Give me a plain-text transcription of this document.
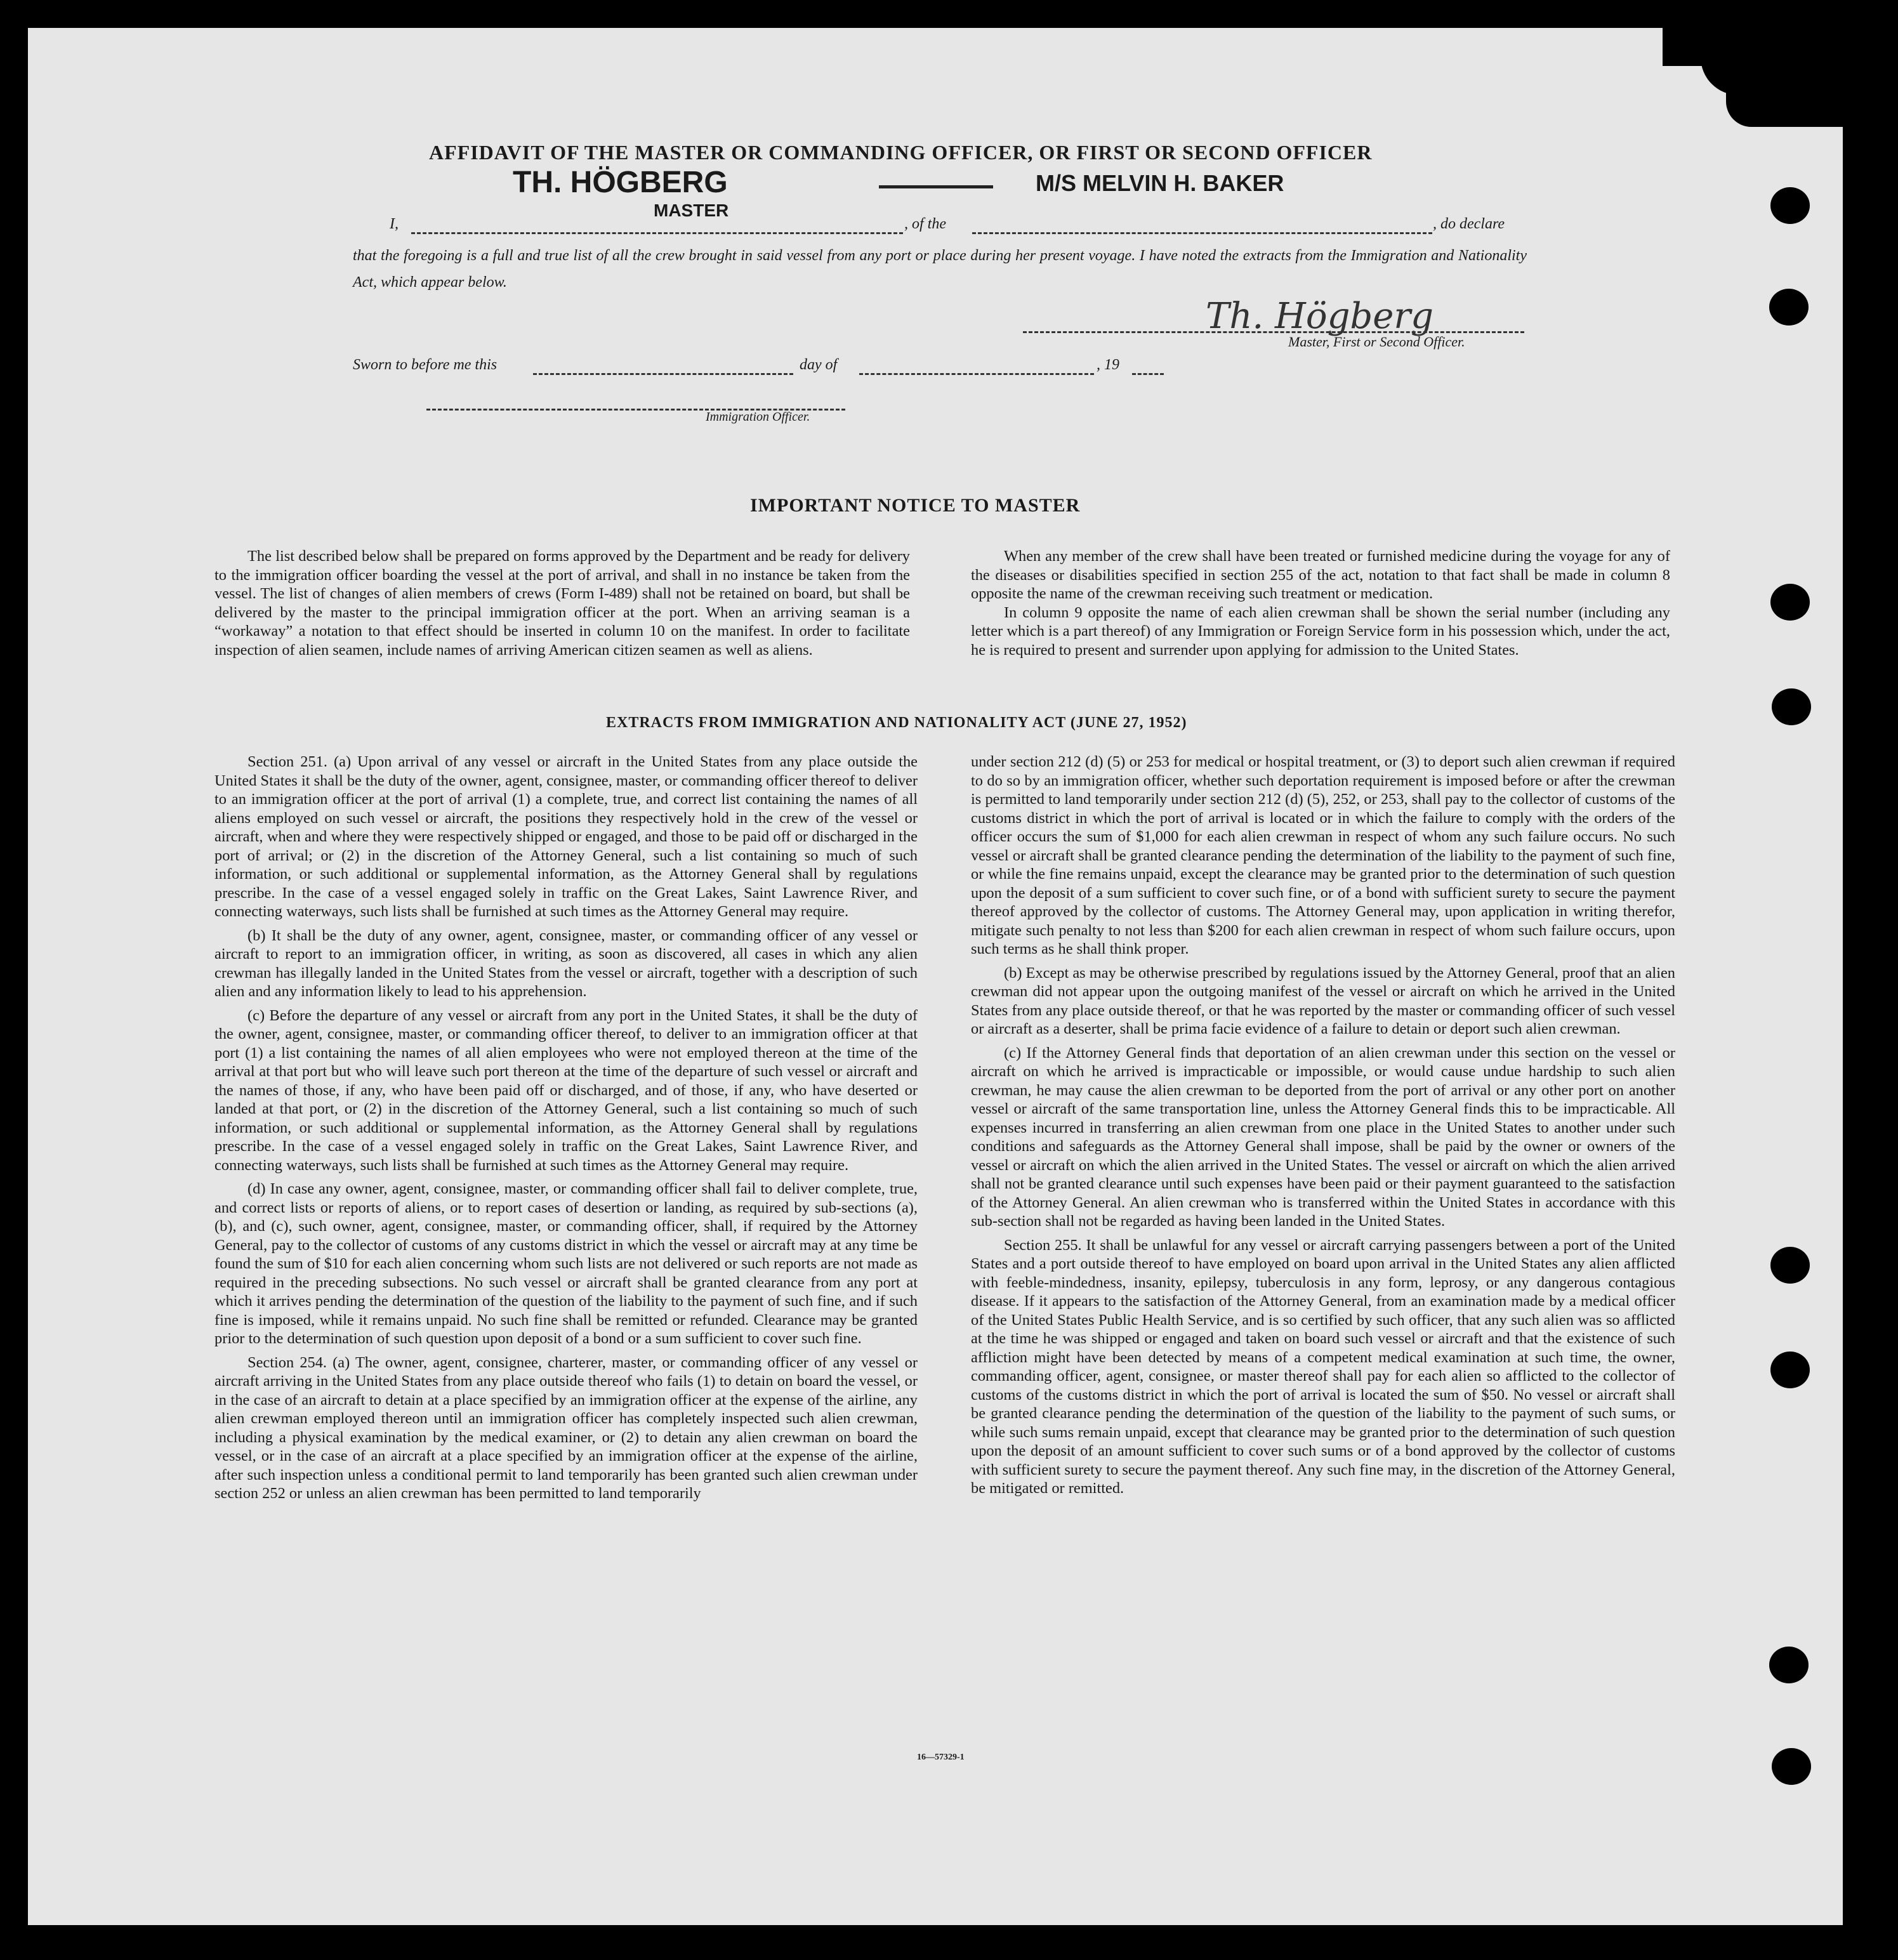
AFFIDAVIT OF THE MASTER OR COMMANDING OFFICER, OR FIRST OR SECOND OFFICER
TH. HÖGBERG	M/S MELVIN H. BAKER
MASTER
I,	, of the	, do declare
that the foregoing is a full and true list of all the crew brought in said vessel from any port or place during her present voyage. I have noted the extracts from the Immigration and Nationality Act, which appear below.
Th. Högberg
Master, First or Second Officer.
Sworn to before me this	day of	, 19
Immigration Officer.
IMPORTANT NOTICE TO MASTER

The list described below shall be prepared on forms approved by the Department and be ready for delivery to the immigration officer boarding the vessel at the port of arrival, and shall in no instance be taken from the vessel. The list of changes of alien members of crews (Form I-489) shall not be retained on board, but shall be delivered by the master to the principal immigration officer at the port. When an arriving seaman is a “workaway” a notation to that effect should be inserted in column 10 on the manifest. In order to facilitate inspection of alien seamen, include names of arriving American citizen seamen as well as aliens.

When any member of the crew shall have been treated or furnished medicine during the voyage for any of the diseases or disabilities specified in section 255 of the act, notation to that fact shall be made in column 8 opposite the name of the crewman receiving such treatment or medication.

In column 9 opposite the name of each alien crewman shall be shown the serial number (including any letter which is a part thereof) of any Immigration or Foreign Service form in his possession which, under the act, he is required to present and surrender upon applying for admission to the United States.

EXTRACTS FROM IMMIGRATION AND NATIONALITY ACT (JUNE 27, 1952)

Section 251. (a) Upon arrival of any vessel or aircraft in the United States from any place outside the United States it shall be the duty of the owner, agent, consignee, master, or commanding officer thereof to deliver to an immigration officer at the port of arrival (1) a complete, true, and correct list containing the names of all aliens employed on such vessel or aircraft, the positions they respectively hold in the crew of the vessel or aircraft, when and where they were respectively shipped or engaged, and those to be paid off or discharged in the port of arrival; or (2) in the discretion of the Attorney General, such a list containing so much of such information, or such additional or supplemental information, as the Attorney General shall by regulations prescribe. In the case of a vessel engaged solely in traffic on the Great Lakes, Saint Lawrence River, and connecting waterways, such lists shall be furnished at such times as the Attorney General may require.

(b) It shall be the duty of any owner, agent, consignee, master, or commanding officer of any vessel or aircraft to report to an immigration officer, in writing, as soon as discovered, all cases in which any alien crewman has illegally landed in the United States from the vessel or aircraft, together with a description of such alien and any information likely to lead to his apprehension.

(c) Before the departure of any vessel or aircraft from any port in the United States, it shall be the duty of the owner, agent, consignee, master, or commanding officer thereof, to deliver to an immigration officer at that port (1) a list containing the names of all alien employees who were not employed thereon at the time of the arrival at that port but who will leave such port thereon at the time of the departure of such vessel or aircraft and the names of those, if any, who have been paid off or discharged, and of those, if any, who have deserted or landed at that port, or (2) in the discretion of the Attorney General, such a list containing so much of such information, or such additional or supplemental information, as the Attorney General shall by regulations prescribe. In the case of a vessel engaged solely in traffic on the Great Lakes, Saint Lawrence River, and connecting waterways, such lists shall be furnished at such times as the Attorney General may require.

(d) In case any owner, agent, consignee, master, or commanding officer shall fail to deliver complete, true, and correct lists or reports of aliens, or to report cases of desertion or landing, as required by sub-sections (a), (b), and (c), such owner, agent, consignee, master, or commanding officer, shall, if required by the Attorney General, pay to the collector of customs of any customs district in which the vessel or aircraft may at any time be found the sum of $10 for each alien concerning whom such lists are not delivered or such reports are not made as required in the preceding subsections. No such vessel or aircraft shall be granted clearance from any port at which it arrives pending the determination of the question of the liability to the payment of such fine, and if such fine is imposed, while it remains unpaid. No such fine shall be remitted or refunded. Clearance may be granted prior to the determination of such question upon deposit of a bond or a sum sufficient to cover such fine.

Section 254. (a) The owner, agent, consignee, charterer, master, or commanding officer of any vessel or aircraft arriving in the United States from any place outside thereof who fails (1) to detain on board the vessel, or in the case of an aircraft to detain at a place specified by an immigration officer at the expense of the airline, any alien crewman employed thereon until an immigration officer has completely inspected such alien crewman, including a physical examination by the medical examiner, or (2) to detain any alien crewman on board the vessel, or in the case of an aircraft at a place specified by an immigration officer at the expense of the airline, after such inspection unless a conditional permit to land temporarily has been granted such alien crewman under section 252 or unless an alien crewman has been permitted to land temporarily

under section 212 (d) (5) or 253 for medical or hospital treatment, or (3) to deport such alien crewman if required to do so by an immigration officer, whether such deportation requirement is imposed before or after the crewman is permitted to land temporarily under section 212 (d) (5), 252, or 253, shall pay to the collector of customs of the customs district in which the port of arrival is located or in which the failure to comply with the orders of the officer occurs the sum of $1,000 for each alien crewman in respect of whom any such failure occurs. No such vessel or aircraft shall be granted clearance pending the determination of the liability to the payment of such fine, or while the fine remains unpaid, except the clearance may be granted prior to the determination of such question upon the deposit of a sum sufficient to cover such fine, or of a bond with sufficient surety to secure the payment thereof approved by the collector of customs. The Attorney General may, upon application in writing therefor, mitigate such penalty to not less than $200 for each alien crewman in respect of whom such failure occurs, upon such terms as he shall think proper.

(b) Except as may be otherwise prescribed by regulations issued by the Attorney General, proof that an alien crewman did not appear upon the outgoing manifest of the vessel or aircraft on which he arrived in the United States from any place outside thereof, or that he was reported by the master or commanding officer of such vessel or aircraft as a deserter, shall be prima facie evidence of a failure to detain or deport such alien crewman.

(c) If the Attorney General finds that deportation of an alien crewman under this section on the vessel or aircraft on which he arrived is impracticable or impossible, or would cause undue hardship to such alien crewman, he may cause the alien crewman to be deported from the port of arrival or any other port on another vessel or aircraft of the same transportation line, unless the Attorney General finds this to be impracticable. All expenses incurred in transferring an alien crewman from one place in the United States to another under such conditions and safeguards as the Attorney General shall impose, shall be paid by the owner or owners of the vessel or aircraft on which the alien arrived in the United States. The vessel or aircraft on which the alien arrived shall not be granted clearance until such expenses have been paid or their payment guaranteed to the satisfaction of the Attorney General. An alien crewman who is transferred within the United States in accordance with this sub-section shall not be regarded as having been landed in the United States.

Section 255. It shall be unlawful for any vessel or aircraft carrying passengers between a port of the United States and a port outside thereof to have employed on board upon arrival in the United States any alien afflicted with feeble-mindedness, insanity, epilepsy, tuberculosis in any form, leprosy, or any dangerous contagious disease. If it appears to the satisfaction of the Attorney General, from an examination made by a medical officer of the United States Public Health Service, and is so certified by such officer, that any such alien was so afflicted at the time he was shipped or engaged and taken on board such vessel or aircraft and that the existence of such affliction might have been detected by means of a competent medical examination at such time, the owner, commanding officer, agent, consignee, or master thereof shall pay for each alien so afflicted to the collector of customs of the customs district in which the port of arrival is located the sum of $50. No vessel or aircraft shall be granted clearance pending the determination of the question of the liability to the payment of such sums, or while such sums remain unpaid, except that clearance may be granted prior to the determination of such question upon the deposit of an amount sufficient to cover such sums or of a bond approved by the collector of customs with sufficient surety to secure the payment thereof. Any such fine may, in the discretion of the Attorney General, be mitigated or remitted.

16—57329-1
